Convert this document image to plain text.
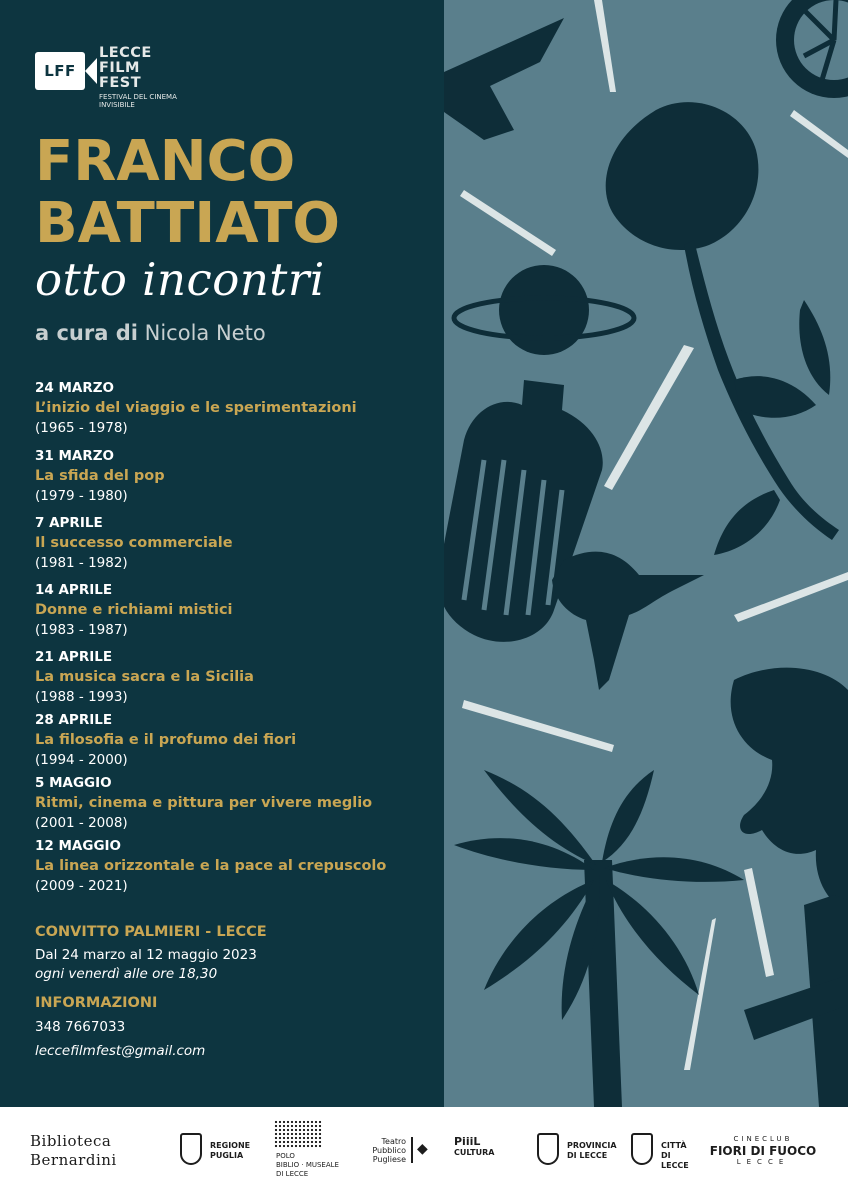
LFF
LECCE
FILM
FEST
FESTIVAL DEL CINEMA INVISIBILE
FRANCO
BATTIATO
otto incontri
a cura di Nicola Neto
24 MARZO
L’inizio del viaggio e le sperimentazioni
(1965 - 1978)
31 MARZO
La sfida del pop
(1979 - 1980)
7 APRILE
Il successo commerciale
(1981 - 1982)
14 APRILE
Donne e richiami mistici
(1983 - 1987)
21 APRILE
La musica sacra e la Sicilia
(1988 - 1993)
28 APRILE
La filosofia e il profumo dei fiori
(1994 - 2000)
5 MAGGIO
Ritmi, cinema e pittura per vivere meglio
(2001 - 2008)
12 MAGGIO
La linea orizzontale e la pace al crepuscolo
(2009 - 2021)
CONVITTO PALMIERI - LECCE
Dal 24 marzo al 12 maggio 2023
ogni venerdì alle ore 18,30
INFORMAZIONI
348 7667033
leccefilmfest@gmail.com
Biblioteca
Bernardini
REGIONE
PUGLIA	POLO
BIBLIO · MUSEALE
DI LECCE
Teatro
Pubblico
Pugliese
◆ PiiiL
CULTURA
PROVINCIA
DI LECCE
CITTÀ DI
LECCE
CINECLUB
FIORI DI FUOCO
LECCE
